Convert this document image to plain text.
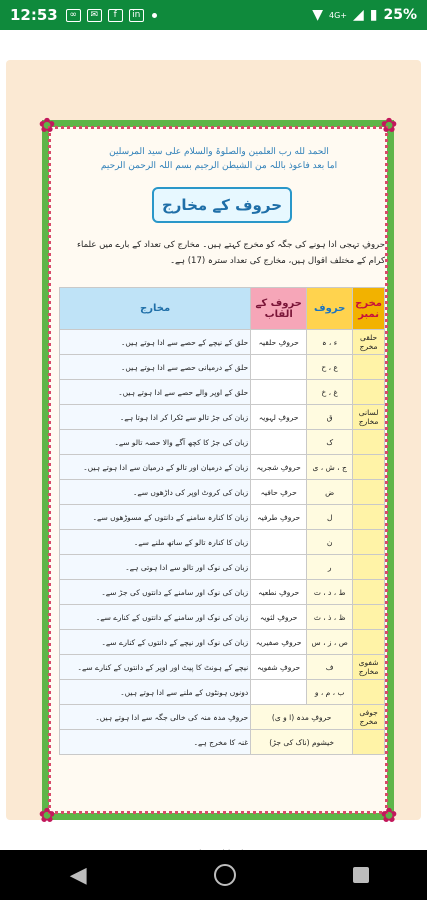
12:53	∞	✉	f	in	▼ 4G+ ◢ ▮ 25%
✿	✿
✿	✿
الحمد لله رب العلمین والصلوۃ والسلام علی سید المرسلین
اما بعد فاعوذ باللہ من الشیطن الرجیم بسم اللہ الرحمن الرحیم
حروف کے مخارج
حروفِ تہجی ادا ہونے کی جگہ کو مخرج کہتے ہیں۔ مخارج کی تعداد کے بارے میں علماء کرام کے مختلف اقوال ہیں، مخارج کی تعداد سترہ (17) ہے۔
مخرج نمبر	حروف	حروف کے القاب	مخارج
حلقی مخرج	ء ، ہ	حروفِ حلقیہ	حلق کے نیچے کے حصے سے ادا ہوتے ہیں۔
	ع ، ح		حلق کے درمیانی حصے سے ادا ہوتے ہیں۔
	غ ، خ		حلق کے اوپر والے حصے سے ادا ہوتے ہیں۔
لسانی مخارج	ق	حروفِ لہویہ	زبان کی جڑ تالو سے ٹکرا کر ادا ہوتا ہے۔
	ک		زبان کی جڑ کا کچھ آگے والا حصہ تالو سے۔
	ج ، ش ، ی	حروفِ شجریہ	زبان کے درمیان اور تالو کے درمیان سے ادا ہوتے ہیں۔
	ض	حرفِ حافیہ	زبان کی کروٹ اوپر کی داڑھوں سے۔
	ل	حروفِ طرفیہ	زبان کا کنارہ سامنے کے دانتوں کے مسوڑھوں سے۔
	ن		زبان کا کنارہ تالو کے ساتھ ملنے سے۔
	ر		زبان کی نوک اور تالو سے ادا ہوتی ہے۔
	ط ، د ، ت	حروفِ نطعیہ	زبان کی نوک اور سامنے کے دانتوں کی جڑ سے۔
	ظ ، ذ ، ث	حروفِ لثویہ	زبان کی نوک اور سامنے کے دانتوں کے کنارے سے۔
	ص ، ز ، س	حروفِ صفیریہ	زبان کی نوک اور نیچے کے دانتوں کے کنارے سے۔
شفوی مخارج	ف	حروفِ شفویہ	نیچے کے ہونٹ کا پیٹ اور اوپر کے دانتوں کے کنارے سے۔
	ب ، م ، و		دونوں ہونٹوں کے ملنے سے ادا ہوتے ہیں۔
جوفی مخرج	حروفِ مدہ (ا و ی)		حروفِ مدہ منہ کی خالی جگہ سے ادا ہوتے ہیں۔
	خیشوم (ناک کی جڑ)		غنہ کا مخرج ہے۔
◀
